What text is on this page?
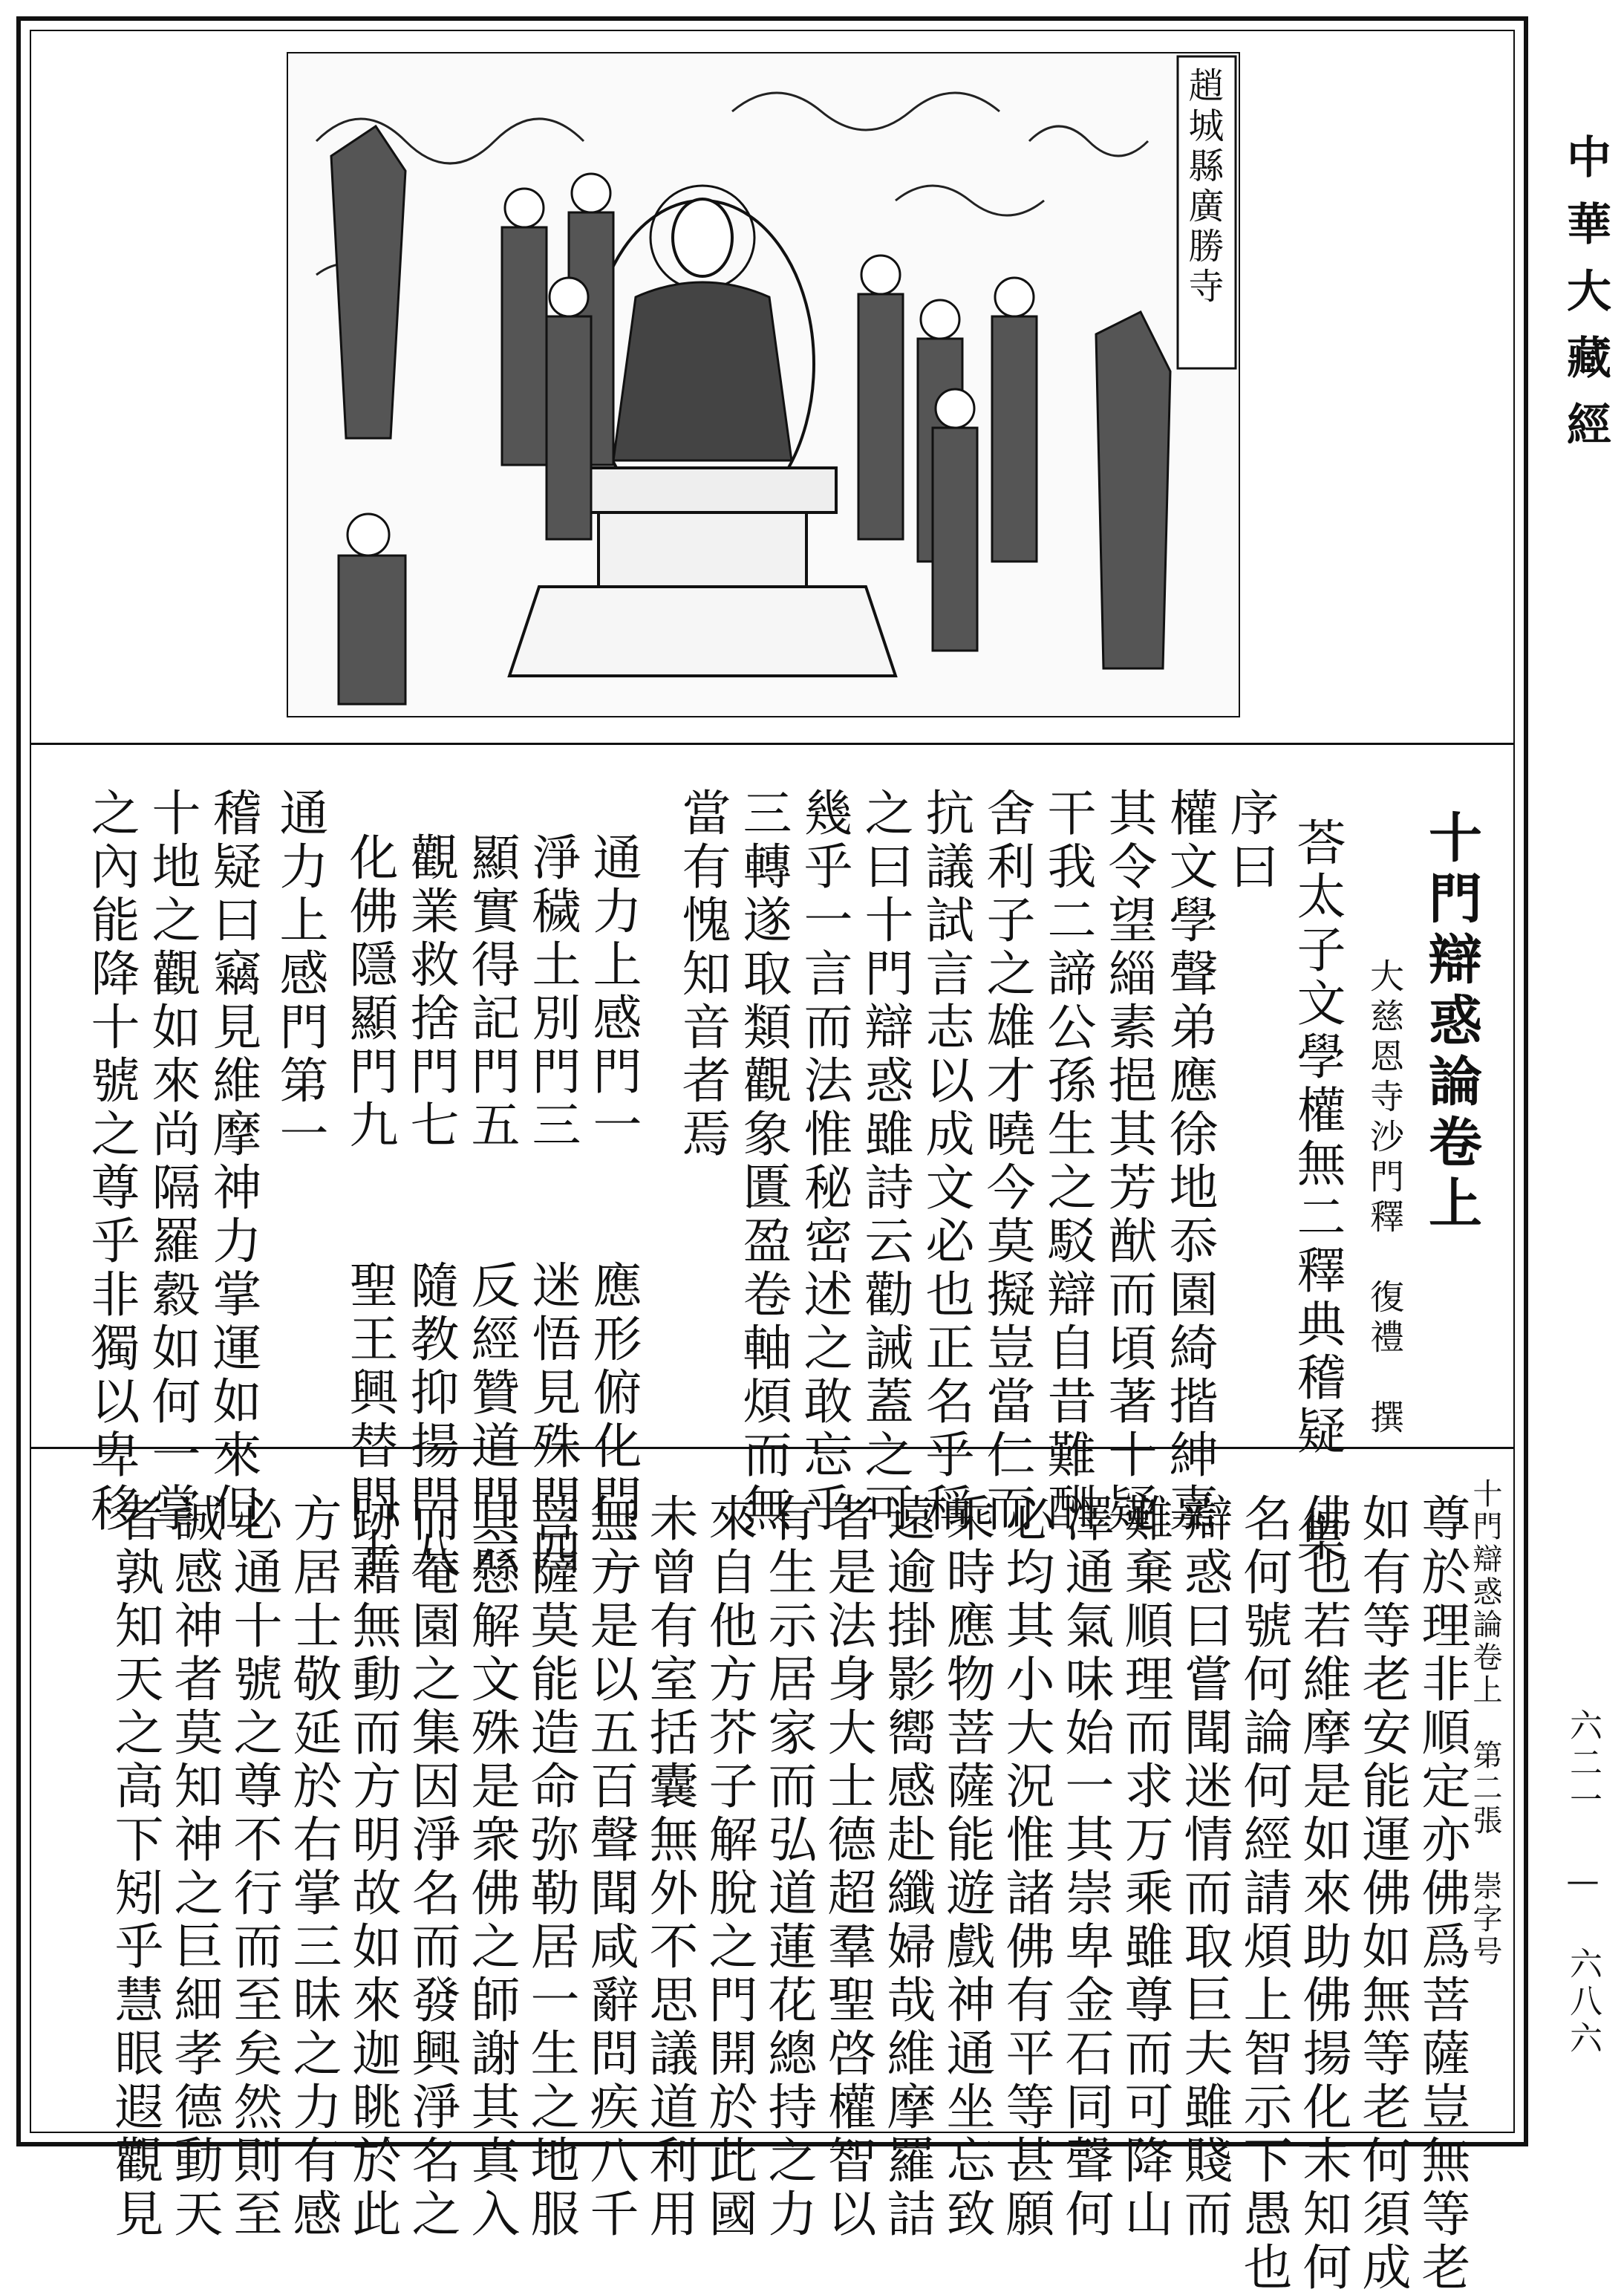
中華大藏經
六二一 — 六八六
趙城縣廣勝寺
十門辯惑論卷上
大慈恩寺沙門釋　復禮　撰
荅太子文學權無二釋典稽疑　集
序曰
權文學聲弟應徐地忝園綺揩紳嘉
其令望緇素挹其芳猷而頃著十疑
干我二諦公孫生之駁辯自昔難酬
舍利子之雄才曉今莫擬豈當仁而
抗議試言志以成文必也正名乎稱
之曰十門辯惑雖詩云勸誡蓋之可
幾乎一言而法惟秘密述之敢忘乎
三轉遂取類觀象匱盈卷軸煩而無
當有愧知音者焉
通力上感門一　　應形俯化門二
淨穢土別門三　　迷悟見殊門四
顯實得記門五　　反經贊道門六
觀業救捨門七　　隨教抑揚門八
化佛隱顯門九　　聖王興替門十
通力上感門第一
稽疑曰竊見維摩神力掌運如來但
十地之觀如來尚隔羅縠如何一掌
之內能降十號之尊乎非獨以卑移
十門辯惑論卷上　第二張　崇字号
尊於理非順定亦佛爲菩薩豈無等老
如有等老安能運佛如無等老何須成
佛也若維摩是如來助佛揚化未知何
名何號何論何經請煩上智示下愚也
辯惑曰嘗聞迷情而取巨夫雖賤而
難棄順理而求万乘雖尊而可降山
澤通氣味始一其崇卑金石同聲何
必均其小大況惟諸佛有平等甚願
乘時應物菩薩能遊戲神通坐忘致
遠逾掛影嚮感赴纖婦哉維摩羅詰
者是法身大士德超羣聖啓權智以
有生示居家而弘道蓮花總持之力
來自他方芥子解脫之門開於此國
未曾有室括囊無外不思議道利用
無方是以五百聲聞咸辭問疾八千
菩薩莫能造命弥勒居一生之地服
其懸解文殊是衆佛之師謝其真入
而菴園之集因淨名而發興淨名之
跡藉無動而方明故如來迦眺於此
方居士敬延於右掌三昧之力有感
必通十號之尊不行而至矣然則至
誠感神者莫知神之巨細孝德動天
者孰知天之高下矧乎慧眼遐觀見
